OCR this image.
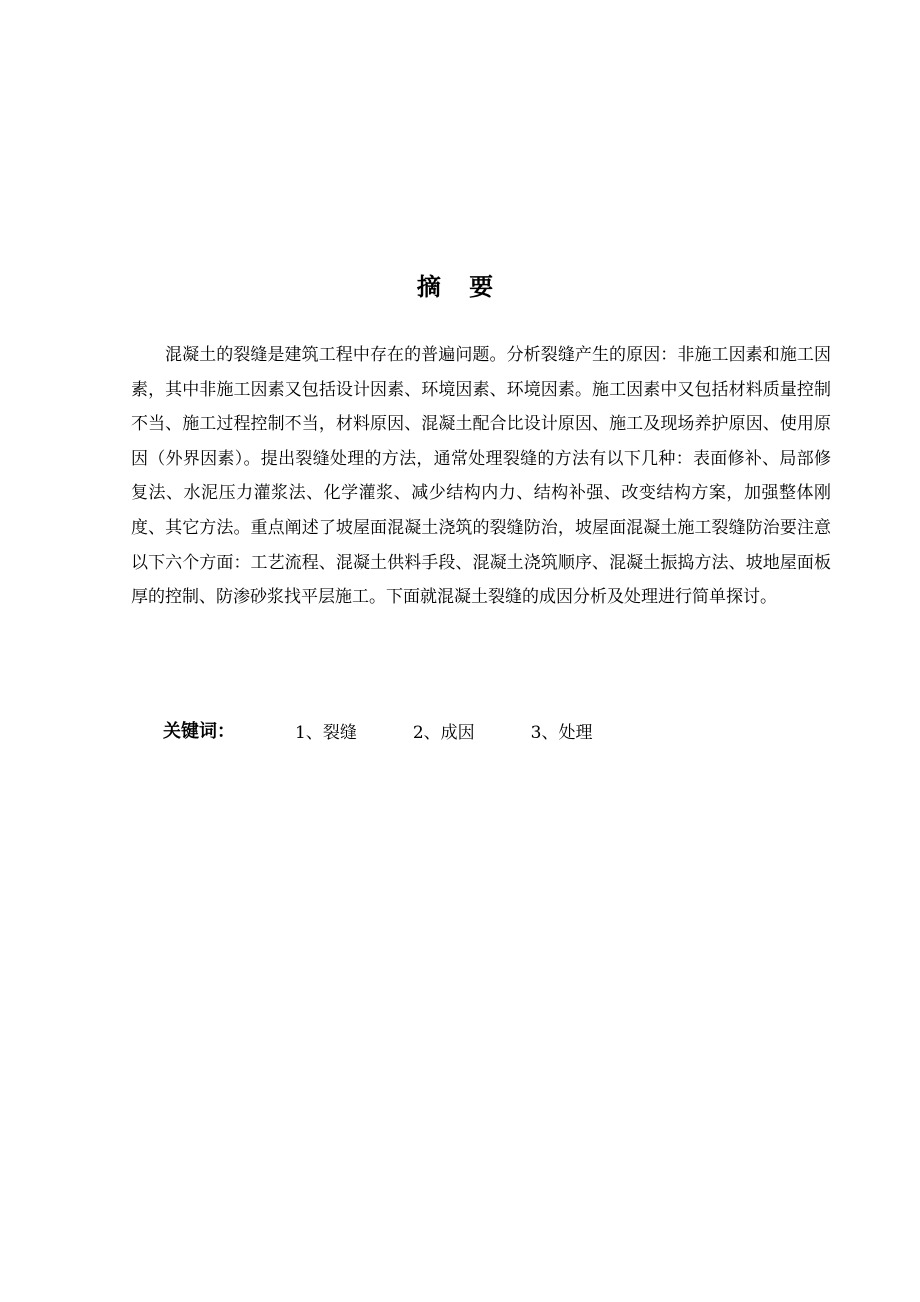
摘 要

混凝土的裂缝是建筑工程中存在的普遍问题。分析裂缝产生的原因：非施工因素和施工因素，其中非施工因素又包括设计因素、环境因素、环境因素。施工因素中又包括材料质量控制不当、施工过程控制不当，材料原因、混凝土配合比设计原因、施工及现场养护原因、使用原因（外界因素）。提出裂缝处理的方法，通常处理裂缝的方法有以下几种：表面修补、局部修复法、水泥压力灌浆法、化学灌浆、减少结构内力、结构补强、改变结构方案，加强整体刚度、其它方法。重点阐述了坡屋面混凝土浇筑的裂缝防治，坡屋面混凝土施工裂缝防治要注意以下六个方面：工艺流程、混凝土供料手段、混凝土浇筑顺序、混凝土振捣方法、坡地屋面板厚的控制、防渗砂浆找平层施工。下面就混凝土裂缝的成因分析及处理进行简单探讨。

关键词：	1、裂缝	2、成因	3、处理
